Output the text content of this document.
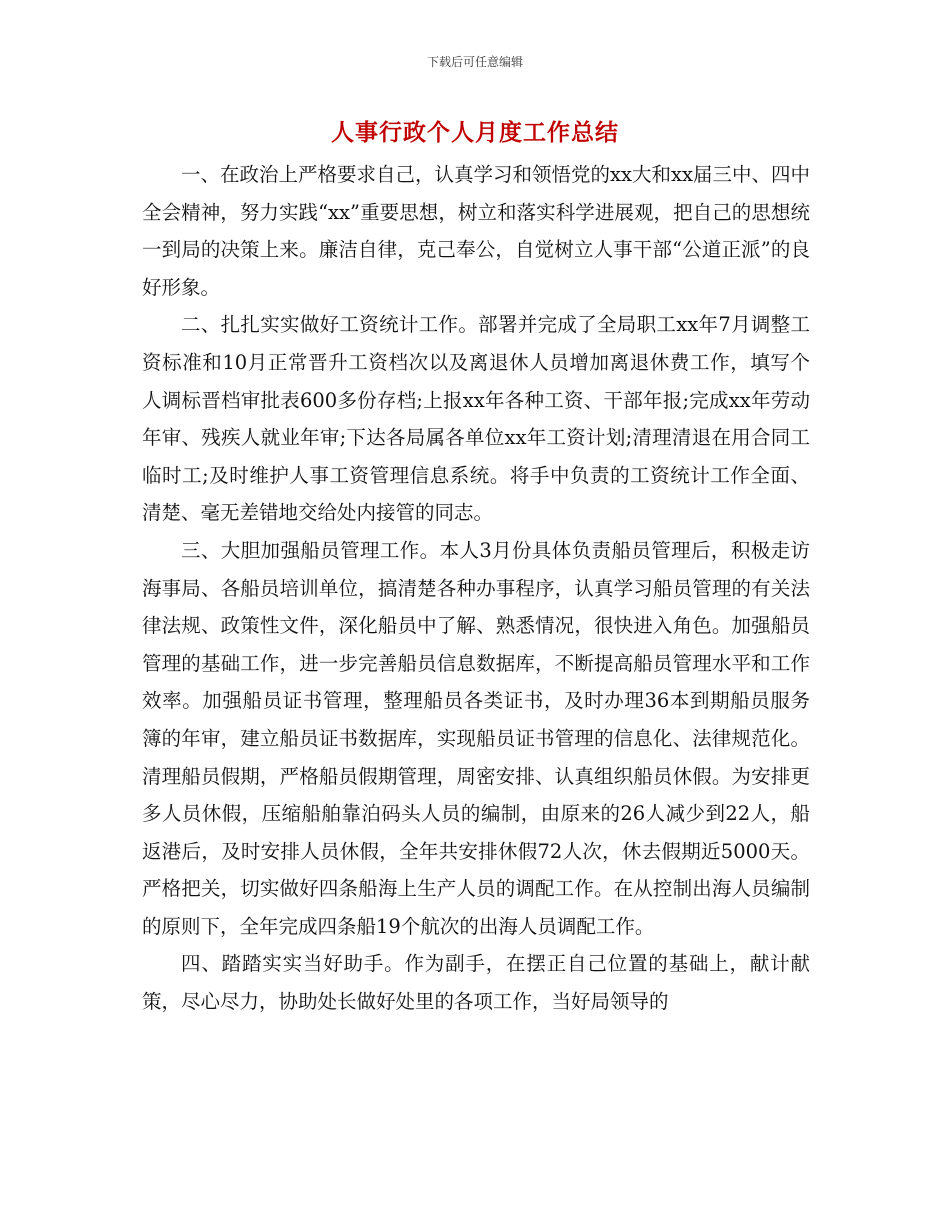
下载后可任意编辑
人事行政个人月度工作总结

一、在政治上严格要求自己，认真学习和领悟党的xx大和xx届三中、四中全会精神，努力实践“xx”重要思想，树立和落实科学进展观，把自己的思想统一到局的决策上来。廉洁自律，克己奉公，自觉树立人事干部“公道正派”的良好形象。

二、扎扎实实做好工资统计工作。部署并完成了全局职工xx年7月调整工资标准和10月正常晋升工资档次以及离退休人员增加离退休费工作，填写个人调标晋档审批表600多份存档;上报xx年各种工资、干部年报;完成xx年劳动年审、残疾人就业年审;下达各局属各单位xx年工资计划;清理清退在用合同工临时工;及时维护人事工资管理信息系统。将手中负责的工资统计工作全面、清楚、毫无差错地交给处内接管的同志。

三、大胆加强船员管理工作。本人3月份具体负责船员管理后，积极走访海事局、各船员培训单位，搞清楚各种办事程序，认真学习船员管理的有关法律法规、政策性文件，深化船员中了解、熟悉情况，很快进入角色。加强船员管理的基础工作，进一步完善船员信息数据库，不断提高船员管理水平和工作效率。加强船员证书管理，整理船员各类证书，及时办理36本到期船员服务簿的年审，建立船员证书数据库，实现船员证书管理的信息化、法律规范化。清理船员假期，严格船员假期管理，周密安排、认真组织船员休假。为安排更多人员休假，压缩船舶靠泊码头人员的编制，由原来的26人减少到22人，船返港后，及时安排人员休假，全年共安排休假72人次，休去假期近5000天。严格把关，切实做好四条船海上生产人员的调配工作。在从控制出海人员编制的原则下，全年完成四条船19个航次的出海人员调配工作。

四、踏踏实实当好助手。作为副手，在摆正自己位置的基础上，献计献策，尽心尽力，协助处长做好处里的各项工作，当好局领导的
